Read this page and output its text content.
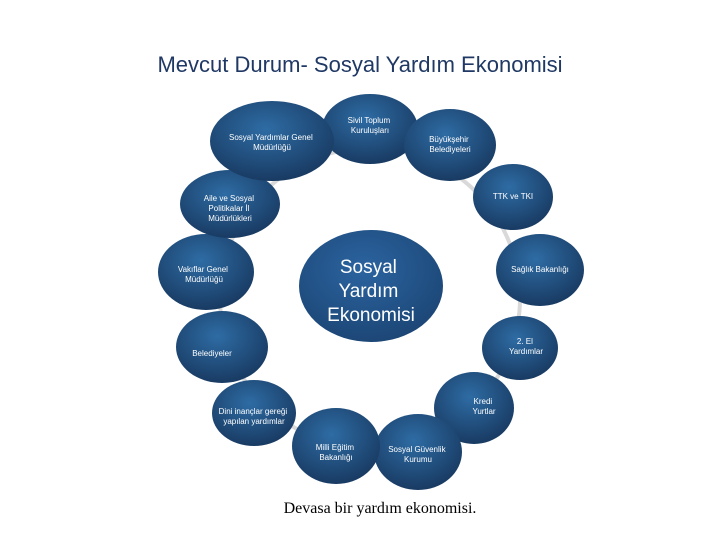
Mevcut Durum- Sosyal Yardım Ekonomisi
Sosyal Yardım Ekonomisi
Sivil Toplum Kuruluşları
Büyükşehir Belediyeleri
TTK ve TKI
Sağlık Bakanlığı
2. El Yardımlar
Kredi Yurtlar
Sosyal Güvenlik Kurumu
Milli Eğitim Bakanlığı
Dini inançlar gereği yapılan yardımlar
Belediyeler
Vakıflar Genel Müdürlüğü
Aile ve Sosyal Politikalar İl Müdürlükleri
Sosyal Yardımlar Genel Müdürlüğü
Devasa bir yardım ekonomisi.
